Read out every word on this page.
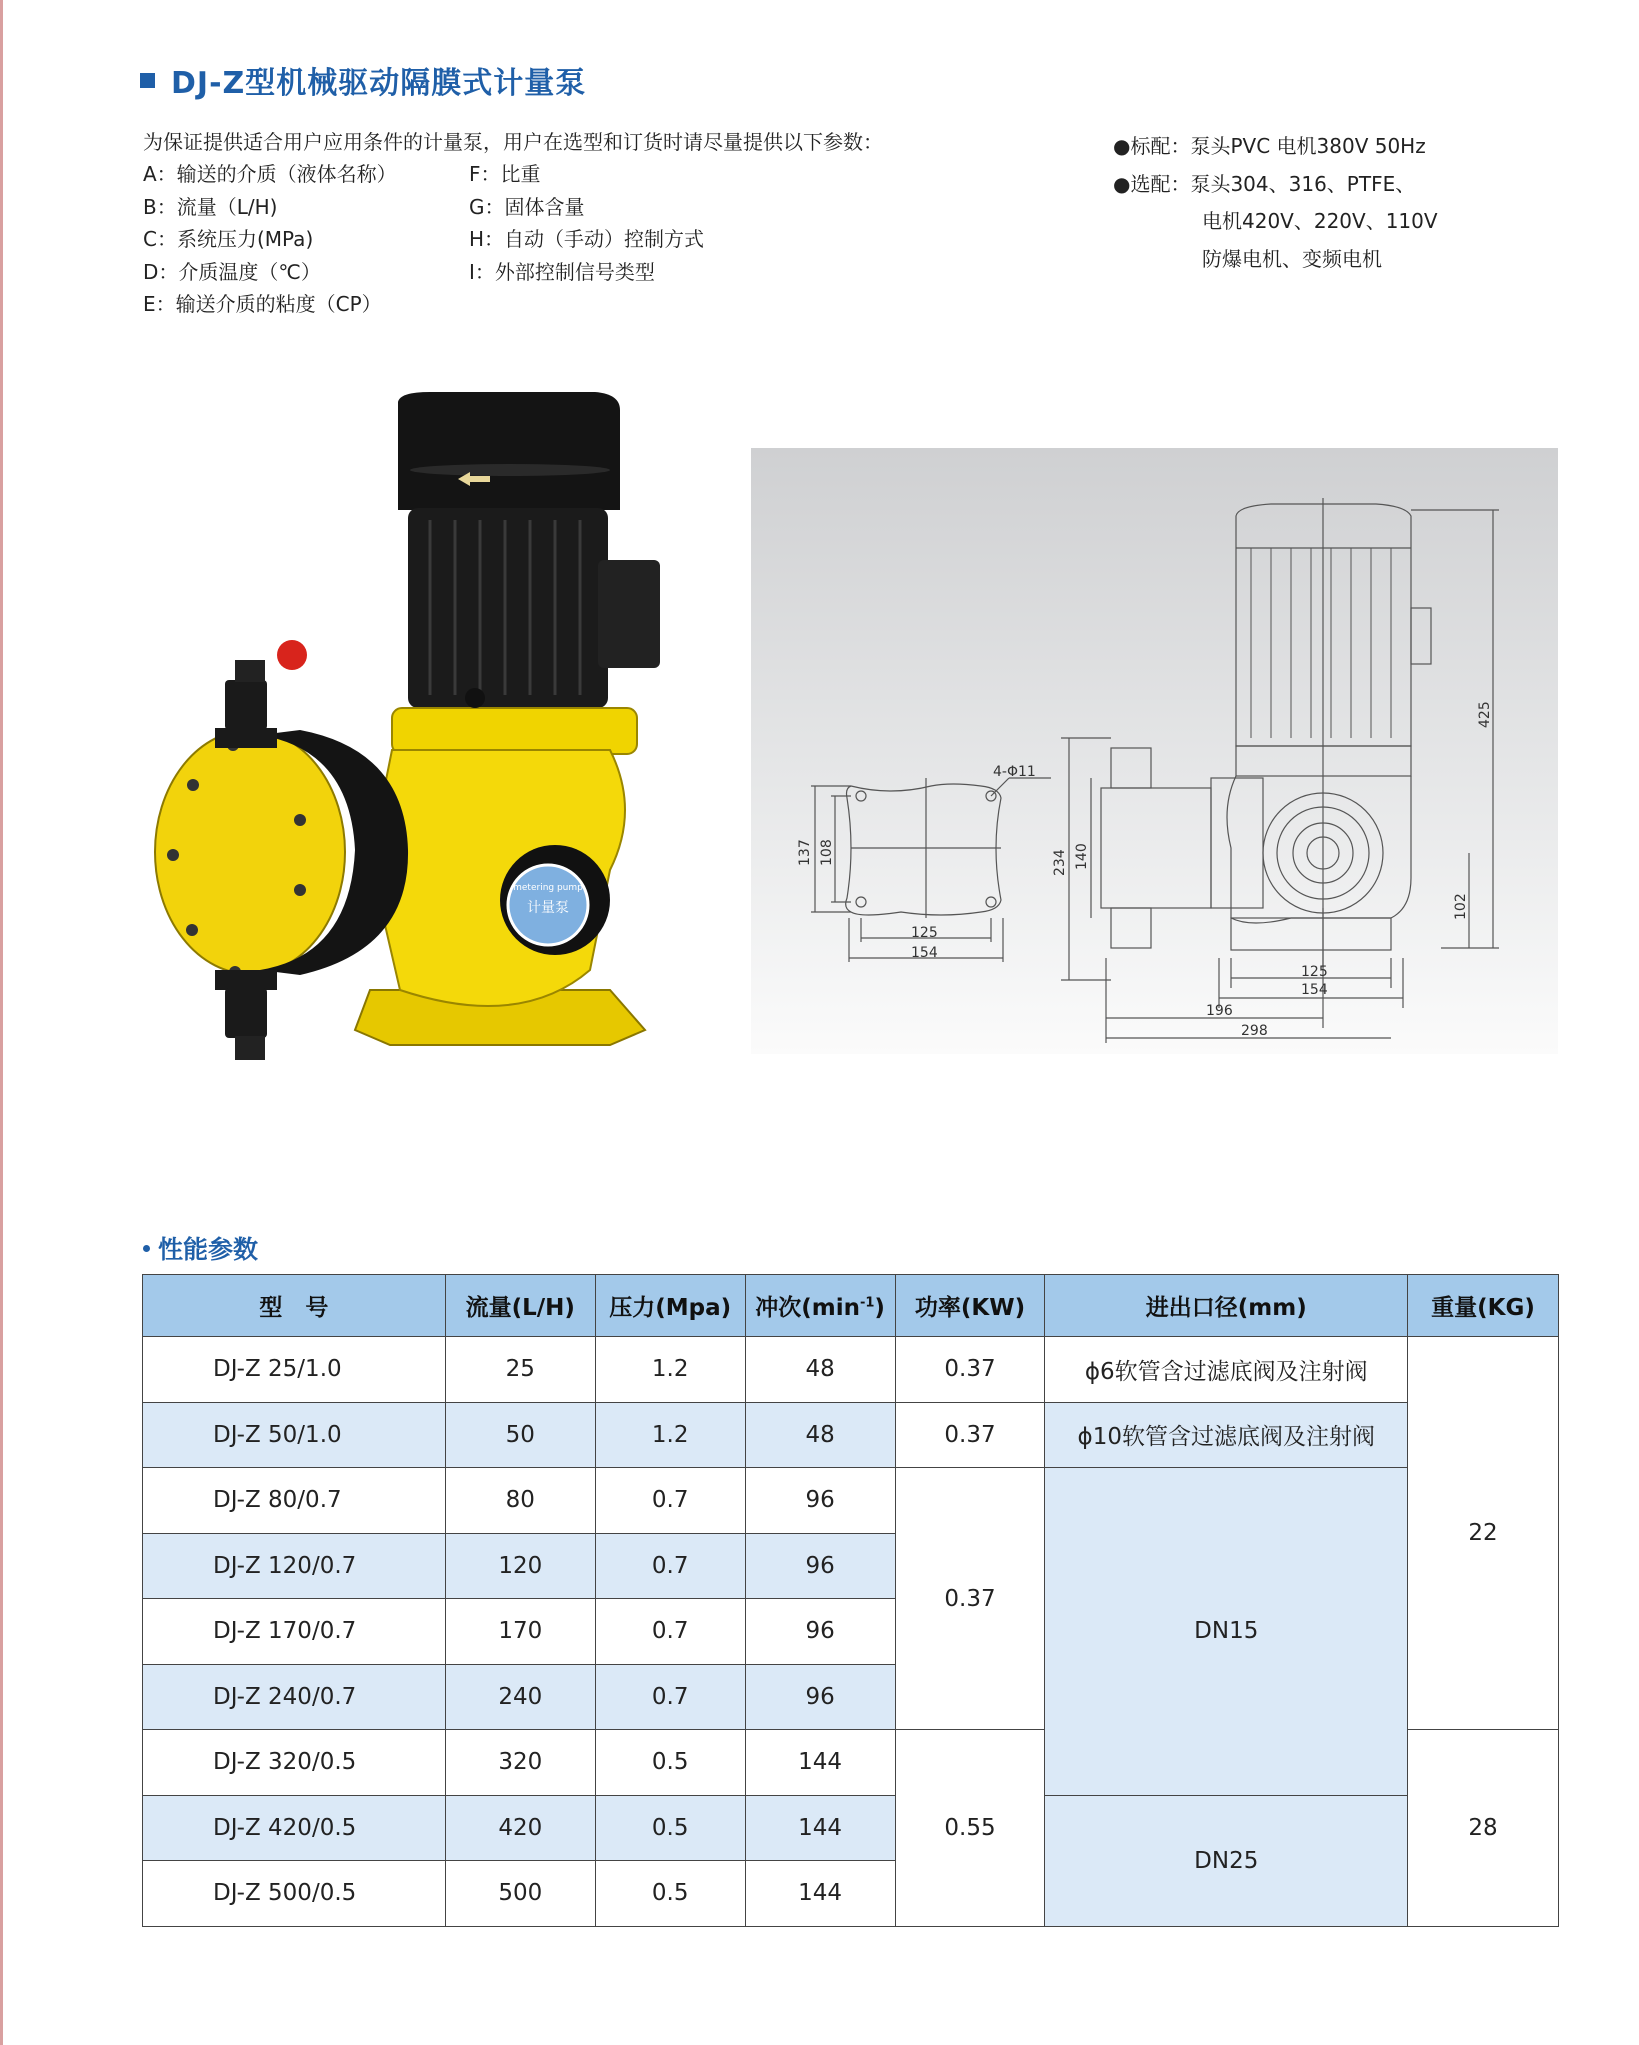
DJ-Z型机械驱动隔膜式计量泵
为保证提供适合用户应用条件的计量泵，用户在选型和订货时请尽量提供以下参数：
A：输送的介质（液体名称）
B：流量（L/H)
C：系统压力(MPa)
D：介质温度（℃）
E：输送介质的粘度（CP）
F：比重
G：固体含量
H：自动（手动）控制方式
I：外部控制信号类型
●标配：泵头PVC 电机380V 50Hz
●选配：泵头304、316、PTFE、
电机420V、220V、110V
防爆电机、变频电机
计量泵
metering pump
4-Φ11
137 108
125
154
234 140
425
102
125
154
196
298
性能参数
型　号	流量(L/H)	压力(Mpa)	冲次$(\min^{-1})$	功率(KW)	进出口径(mm)	重量(KG)
DJ-Z 25/1.0	25	1.2	48	0.37	ϕ6软管含过滤底阀及注射阀	22
DJ-Z 50/1.0	50	1.2	48	0.37	ϕ10软管含过滤底阀及注射阀	
DJ-Z 80/0.7	80	0.7	96	0.37	DN15	
DJ-Z 120/0.7	120	0.7	96			
DJ-Z 170/0.7	170	0.7	96			
DJ-Z 240/0.7	240	0.7	96			
DJ-Z 320/0.5	320	0.5	144	0.55		28
DJ-Z 420/0.5	420	0.5	144		DN25	
DJ-Z 500/0.5	500	0.5	144			
